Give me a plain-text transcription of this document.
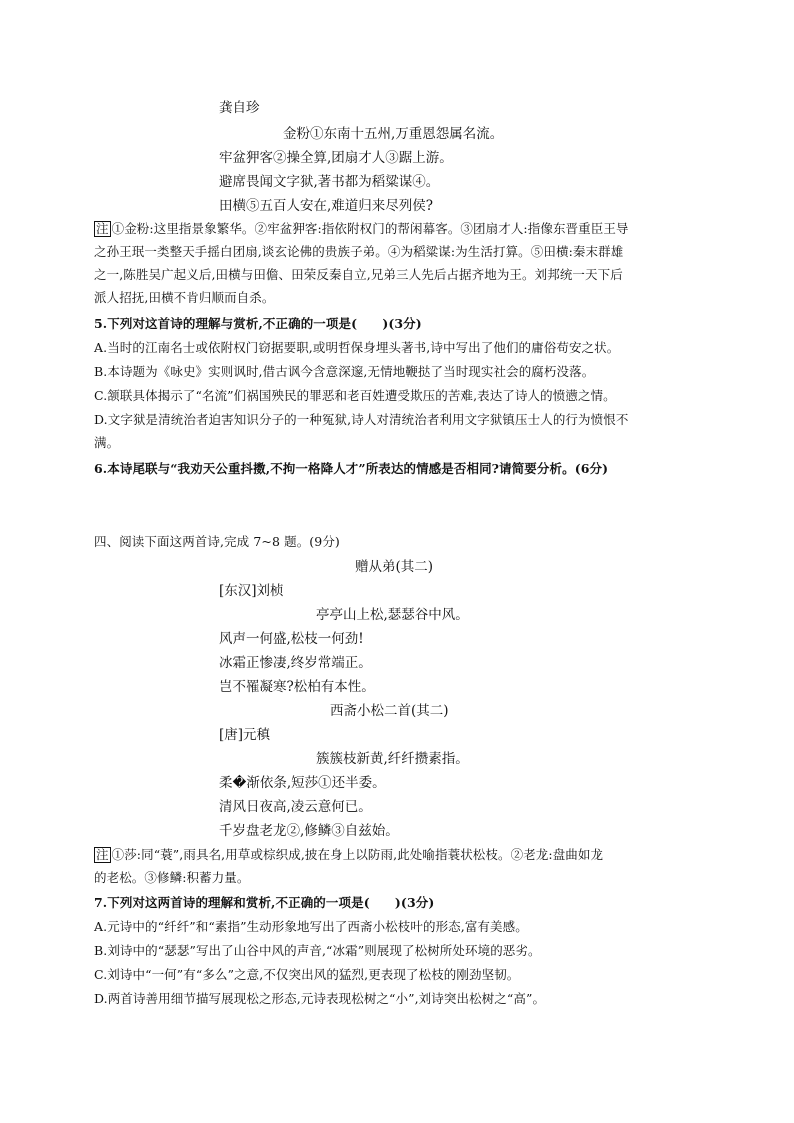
龚自珍
金粉①东南十五州,万重恩怨属名流。
牢盆狎客②操全算,团扇才人③踞上游。
避席畏闻文字狱,著书都为稻粱谋④。
田横⑤五百人安在,难道归来尽列侯?
注 ①金粉:这里指景象繁华。②牢盆狎客:指依附权门的帮闲幕客。③团扇才人:指像东晋重臣王导
之孙王珉一类整天手摇白团扇,谈玄论佛的贵族子弟。④为稻粱谋:为生活打算。⑤田横:秦末群雄
之一,陈胜吴广起义后,田横与田儋、田荣反秦自立,兄弟三人先后占据齐地为王。刘邦统一天下后
派人招抚,田横不肯归顺而自杀。
5.下列对这首诗的理解与赏析,不正确的一项是(　　)(3分)
A.当时的江南名士或依附权门窃据要职,或明哲保身埋头著书,诗中写出了他们的庸俗苟安之状。
B.本诗题为《咏史》实则讽时,借古讽今含意深邃,无情地鞭挞了当时现实社会的腐朽没落。
C.颔联具体揭示了“名流”们祸国殃民的罪恶和老百姓遭受欺压的苦难,表达了诗人的愤懑之情。
D.文字狱是清统治者迫害知识分子的一种冤狱,诗人对清统治者利用文字狱镇压士人的行为愤恨不
满。
6.本诗尾联与“我劝天公重抖擞,不拘一格降人才”所表达的情感是否相同?请简要分析。(6分)
四、阅读下面这两首诗,完成 7~8 题。(9分)
赠从弟(其二)
[东汉]刘桢
亭亭山上松,瑟瑟谷中风。
风声一何盛,松枝一何劲!
冰霜正惨凄,终岁常端正。
岂不罹凝寒?松柏有本性。
西斋小松二首(其二)
[唐]元稹
簇簇枝新黄,纤纤攒素指。
柔�渐依条,短莎①还半委。
清风日夜高,凌云意何已。
千岁盘老龙②,修鳞③自兹始。
注 ①莎:同“蓑”,雨具名,用草或棕织成,披在身上以防雨,此处喻指蓑状松枝。②老龙:盘曲如龙
的老松。③修鳞:积蓄力量。
7.下列对这两首诗的理解和赏析,不正确的一项是(　　)(3分)
A.元诗中的“纤纤”和“素指”生动形象地写出了西斋小松枝叶的形态,富有美感。
B.刘诗中的“瑟瑟”写出了山谷中风的声音,“冰霜”则展现了松树所处环境的恶劣。
C.刘诗中“一何”有“多么”之意,不仅突出风的猛烈,更表现了松枝的刚劲坚韧。
D.两首诗善用细节描写展现松之形态,元诗表现松树之“小”,刘诗突出松树之“高”。
